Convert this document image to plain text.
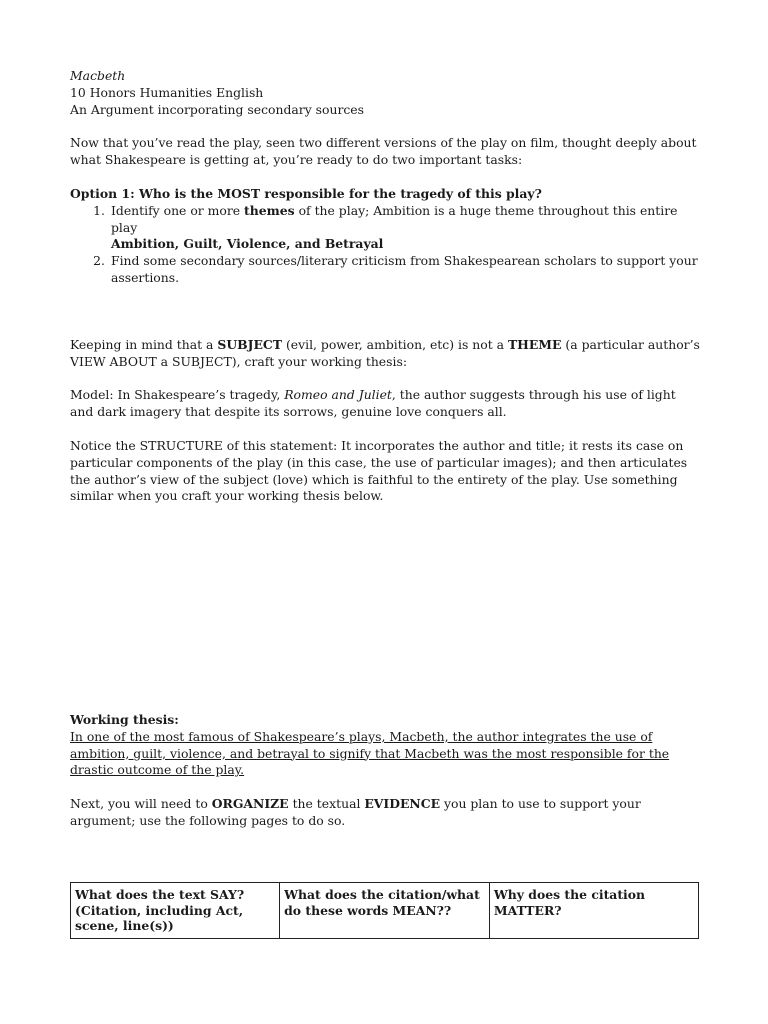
Macbeth

10 Honors Humanities English

An Argument incorporating secondary sources

Now that you’ve read the play, seen two different versions of the play on film, thought deeply about what Shakespeare is getting at, you’re ready to do two important tasks:

Option 1: Who is the MOST responsible for the tragedy of this play?

1. Identify one or more themes of the play; Ambition is a huge theme throughout this entire play
Ambition, Guilt, Violence, and Betrayal
2. Find some secondary sources/literary criticism from Shakespearean scholars to support your assertions.

Keeping in mind that a SUBJECT (evil, power, ambition, etc) is not a THEME (a particular author’s VIEW ABOUT a SUBJECT), craft your working thesis:

Model: In Shakespeare’s tragedy, Romeo and Juliet, the author suggests through his use of light and dark imagery that despite its sorrows, genuine love conquers all.

Notice the STRUCTURE of this statement: It incorporates the author and title; it rests its case on particular components of the play (in this case, the use of particular images); and then articulates the author’s view of the subject (love) which is faithful to the entirety of the play. Use something similar when you craft your working thesis below.

Working thesis:

In one of the most famous of Shakespeare’s plays, Macbeth, the author integrates the use of ambition, guilt, violence, and betrayal to signify that Macbeth was the most responsible for the drastic outcome of the play.

Next, you will need to ORGANIZE the textual EVIDENCE you plan to use to support your argument; use the following pages to do so.

What does the text SAY? (Citation, including Act, scene, line(s))	What does the citation/what do these words MEAN??	Why does the citation MATTER?
